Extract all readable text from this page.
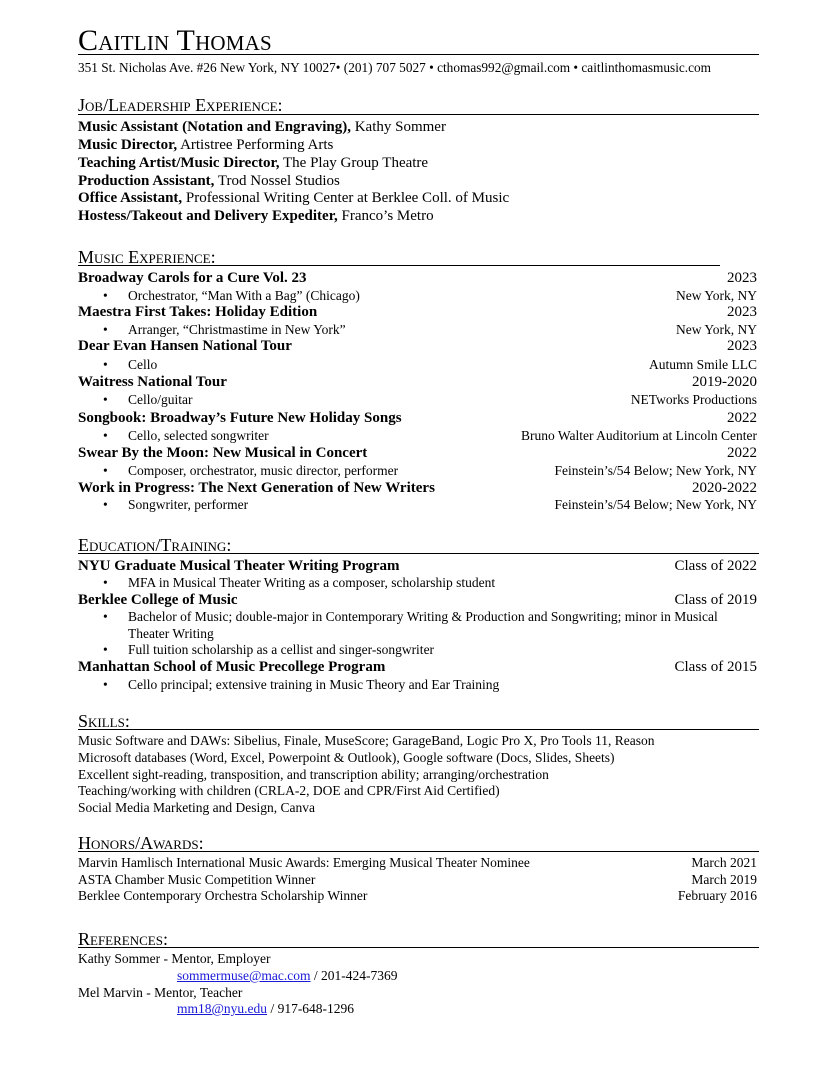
Caitlin Thomas
351 St. Nicholas Ave. #26 New York, NY 10027• (201) 707 5027 • cthomas992@gmail.com • caitlinthomasmusic.com
Job/Leadership Experience:
Music Assistant (Notation and Engraving), Kathy Sommer
Music Director, Artistree Performing Arts
Teaching Artist/Music Director, The Play Group Theatre
Production Assistant, Trod Nossel Studios
Office Assistant, Professional Writing Center at Berklee Coll. of Music
Hostess/Takeout and Delivery Expediter, Franco’s Metro
Music Experience:
Broadway Carols for a Cure Vol. 23	2023
• Orchestrator, “Man With a Bag” (Chicago)	New York, NY
Maestra First Takes: Holiday Edition	2023
• Arranger, “Christmastime in New York”	New York, NY
Dear Evan Hansen National Tour	2023
• Cello	Autumn Smile LLC
Waitress National Tour	2019-2020
• Cello/guitar	NETworks Productions
Songbook: Broadway’s Future New Holiday Songs	2022
• Cello, selected songwriter	Bruno Walter Auditorium at Lincoln Center
Swear By the Moon: New Musical in Concert	2022
• Composer, orchestrator, music director, performer	Feinstein’s/54 Below; New York, NY
Work in Progress: The Next Generation of New Writers	2020-2022
• Songwriter, performer	Feinstein’s/54 Below; New York, NY
Education/Training:
NYU Graduate Musical Theater Writing Program	Class of 2022
• MFA in Musical Theater Writing as a composer, scholarship student
Berklee College of Music	Class of 2019
• Bachelor of Music; double-major in Contemporary Writing & Production and Songwriting; minor in Musical Theater Writing
• Full tuition scholarship as a cellist and singer-songwriter
Manhattan School of Music Precollege Program	Class of 2015
• Cello principal; extensive training in Music Theory and Ear Training
Skills:
Music Software and DAWs: Sibelius, Finale, MuseScore; GarageBand, Logic Pro X, Pro Tools 11, Reason
Microsoft databases (Word, Excel, Powerpoint & Outlook), Google software (Docs, Slides, Sheets)
Excellent sight-reading, transposition, and transcription ability; arranging/orchestration
Teaching/working with children (CRLA-2, DOE and CPR/First Aid Certified)
Social Media Marketing and Design, Canva
Honors/Awards:
Marvin Hamlisch International Music Awards: Emerging Musical Theater Nominee	March 2021
ASTA Chamber Music Competition Winner	March 2019
Berklee Contemporary Orchestra Scholarship Winner	February 2016
References:
Kathy Sommer - Mentor, Employer
sommermuse@mac.com / 201-424-7369
Mel Marvin - Mentor, Teacher
mm18@nyu.edu / 917-648-1296
